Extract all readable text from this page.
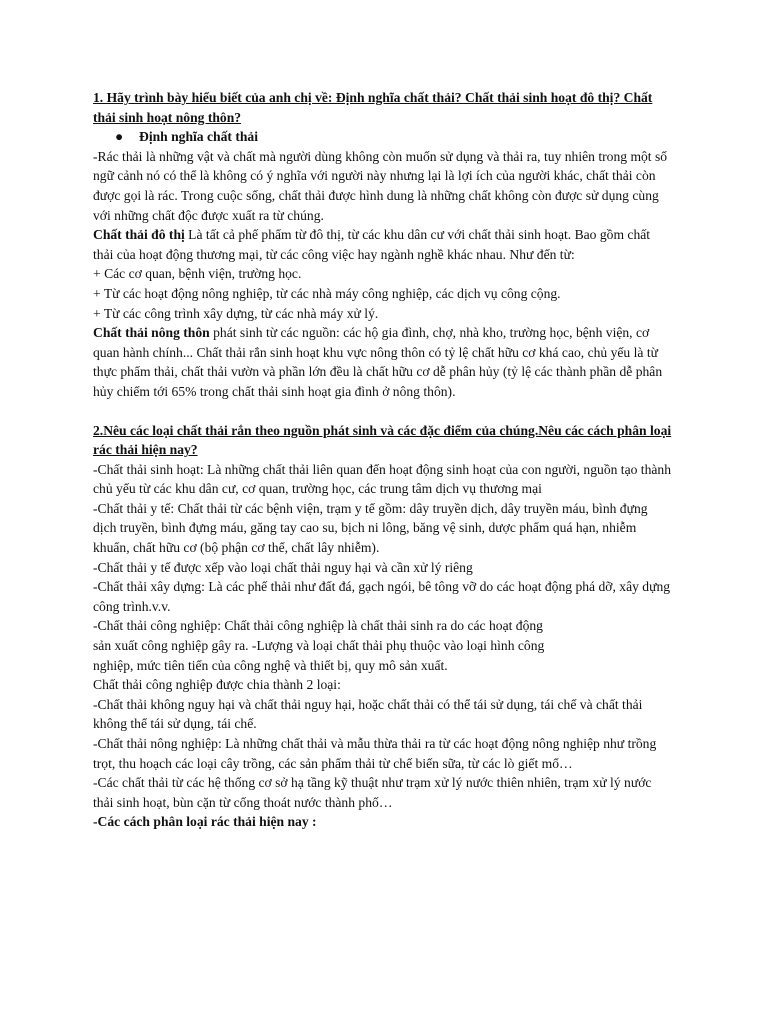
1. Hãy trình bày hiểu biết của anh chị về: Định nghĩa chất thải? Chất thải sinh hoạt đô thị? Chất thải sinh hoạt nông thôn?

● Định nghĩa chất thải

-Rác thải là những vật và chất mà người dùng không còn muốn sử dụng và thải ra, tuy nhiên trong một số ngữ cảnh nó có thể là không có ý nghĩa với người này nhưng lại là lợi ích của người khác, chất thải còn được gọi là rác. Trong cuộc sống, chất thải được hình dung là những chất không còn được sử dụng cùng với những chất độc được xuất ra từ chúng.

Chất thải đô thị Là tất cả phế phẩm từ đô thị, từ các khu dân cư với chất thải sinh hoạt. Bao gồm chất thải của hoạt động thương mại, từ các công việc hay ngành nghề khác nhau. Như đến từ:

+ Các cơ quan, bệnh viện, trường học.

+ Từ các hoạt động nông nghiệp, từ các nhà máy công nghiệp, các dịch vụ công cộng.

+ Từ các công trình xây dựng, từ các nhà máy xử lý.

Chất thải nông thôn phát sinh từ các nguồn: các hộ gia đình, chợ, nhà kho, trường học, bệnh viện, cơ quan hành chính... Chất thải rắn sinh hoạt khu vực nông thôn có tỷ lệ chất hữu cơ khá cao, chủ yếu là từ thực phẩm thải, chất thải vườn và phần lớn đều là chất hữu cơ dễ phân hủy (tỷ lệ các thành phần dễ phân hủy chiếm tới 65% trong chất thải sinh hoạt gia đình ở nông thôn).

2.Nêu các loại chất thải rắn theo nguồn phát sinh và các đặc điểm của chúng.Nêu các cách phân loại rác thải hiện nay?

-Chất thải sinh hoạt: Là những chất thải liên quan đến hoạt động sinh hoạt của con người, nguồn tạo thành chủ yếu từ các khu dân cư, cơ quan, trường học, các trung tâm dịch vụ thương mại

-Chất thải y tế: Chất thải từ các bệnh viện, trạm y tế gồm: dây truyền dịch, dây truyền máu, bình đựng dịch truyền, bình đựng máu, găng tay cao su, bịch ni lông, băng vệ sinh, dược phẩm quá hạn, nhiễm khuẩn, chất hữu cơ (bộ phận cơ thể, chất lây nhiễm).

-Chất thải y tế được xếp vào loại chất thải nguy hại và cần xử lý riêng

-Chất thải xây dựng: Là các phế thải như đất đá, gạch ngói, bê tông vỡ do các hoạt động phá dỡ, xây dựng công trình.v.v.

-Chất thải công nghiệp: Chất thải công nghiệp là chất thải sinh ra do các hoạt động sản xuất công nghiệp gây ra. -Lượng và loại chất thải phụ thuộc vào loại hình công nghiệp, mức tiên tiến của công nghệ và thiết bị, quy mô sản xuất.

Chất thải công nghiệp được chia thành 2 loại:

-Chất thải không nguy hại và chất thải nguy hại, hoặc chất thải có thể tái sử dụng, tái chế và chất thải không thể tái sử dụng, tái chế.

-Chất thải nông nghiệp: Là những chất thải và mẫu thừa thải ra từ các hoạt động nông nghiệp như trồng trọt, thu hoạch các loại cây trồng, các sản phẩm thải từ chế biến sữa, từ các lò giết mổ…

-Các chất thải từ các hệ thống cơ sở hạ tầng kỹ thuật như trạm xử lý nước thiên nhiên, trạm xử lý nước thải sinh hoạt, bùn cặn từ cống thoát nước thành phố…

-Các cách phân loại rác thải hiện nay :
